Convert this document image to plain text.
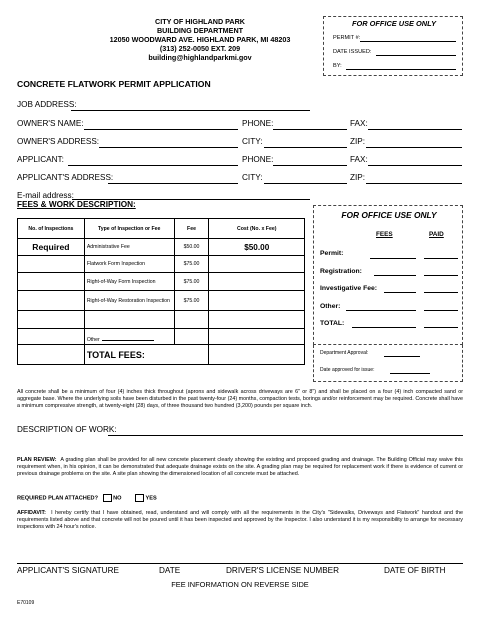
CITY OF HIGHLAND PARK
BUILDING DEPARTMENT
12050 WOODWARD AVE. HIGHLAND PARK, MI 48203
(313) 252-0050 EXT. 209
building@highlandparkmi.gov
FOR OFFICE USE ONLY
PERMIT #:
DATE ISSUED:
BY:
CONCRETE FLATWORK PERMIT APPLICATION
JOB ADDRESS:
OWNER'S NAME:	PHONE:	FAX:
OWNER'S ADDRESS:	CITY:	ZIP:
APPLICANT:	PHONE:	FAX:
APPLICANT'S ADDRESS:	CITY:	ZIP:
E-mail address:
FEES & WORK DESCRIPTION:
No. of Inspections	Type of Inspection or Fee	Fee	Cost (No. x Fee)
Required	Administrative Fee	$50.00	$50.00
	Flatwork Form Inspection	$75.00	
	Right-of-Way Form Inspection	$75.00	
	Right-of-Way Restoration Inspection	$75.00	

	Other		
	TOTAL FEES:		
FOR OFFICE USE ONLY
FEES	PAID
Permit:
Registration:
Investigative Fee:
Other:
TOTAL:
Department Approval:
Date approved for issue:
All concrete shall be a minimum of four (4) inches thick throughout (aprons and sidewalk across driveways are 6" or 8") and shall be placed on a four (4) inch compacted sand or aggregate base. Where the underlying soils have been disturbed in the past twenty-four (24) months, compaction tests, borings and/or reinforcement may be required. Concrete shall have a minimum compressive strength, at twenty-eight (28) days, of three thousand two hundred (3,200) pounds per square inch.
DESCRIPTION OF WORK:
PLAN REVIEW: A grading plan shall be provided for all new concrete placement clearly showing the existing and proposed grading and drainage. The Building Official may waive this requirement when, in his opinion, it can be demonstrated that adequate drainage exists on the site. A grading plan may be required for replacement work if there is evidence of current or previous drainage problems on the site. A site plan showing the dimensioned location of all concrete must be attached.
REQUIRED PLAN ATTACHED?	NO	YES
AFFIDAVIT: I hereby certify that I have obtained, read, understand and will comply with all the requirements in the City's "Sidewalks, Driveways and Flatwork" handout and the requirements listed above and that concrete will not be poured until it has been inspected and approved by the Inspector. I also understand it is my responsibility to arrange for necessary inspections with 24 hour's notice.
APPLICANT'S SIGNATURE	DATE	DRIVER'S LICENSE NUMBER	DATE OF BIRTH
FEE INFORMATION ON REVERSE SIDE
E70109
